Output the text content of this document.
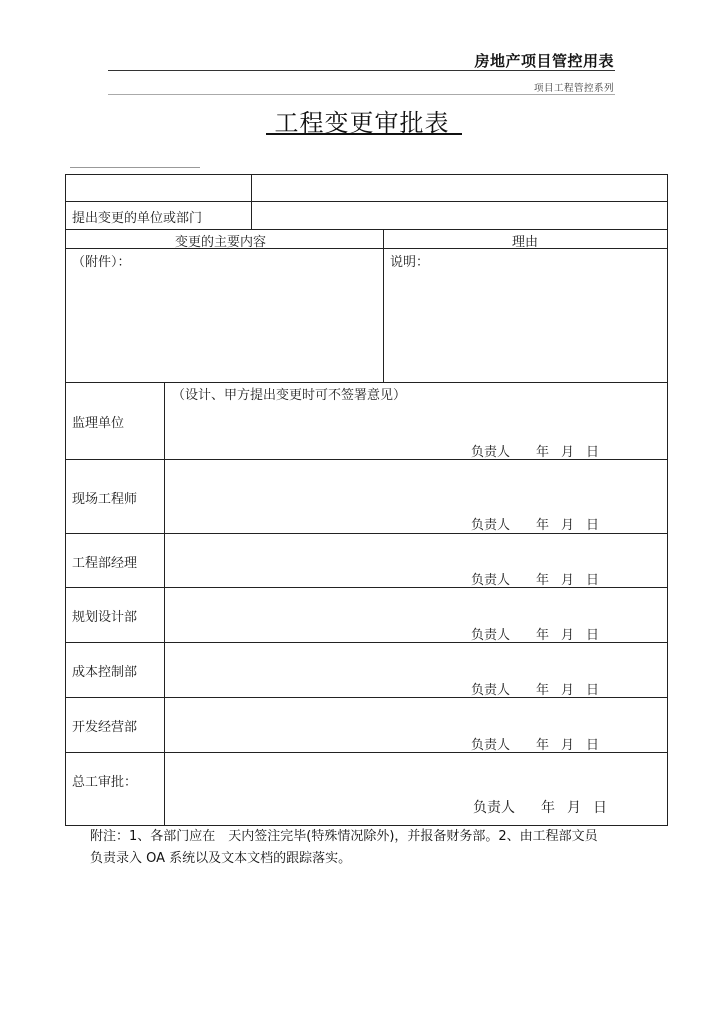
房地产项目管控用表
项目工程管控系列
工程变更审批表
提出变更的单位或部门
变更的主要内容	理由
（附件）：	说明：
（设计、甲方提出变更时可不签署意见）
监理单位
现场工程师
工程部经理
规划设计部
成本控制部
开发经营部
总工审批：
负责人 年 月 日
负责人 年 月 日
负责人 年 月 日
负责人 年 月 日
负责人 年 月 日
负责人 年 月 日
负责人 年 月 日
附注：1、各部门应在　天内签注完毕(特殊情况除外)，并报备财务部。2、由工程部文员
负责录入 OA 系统以及文本文档的跟踪落实。
